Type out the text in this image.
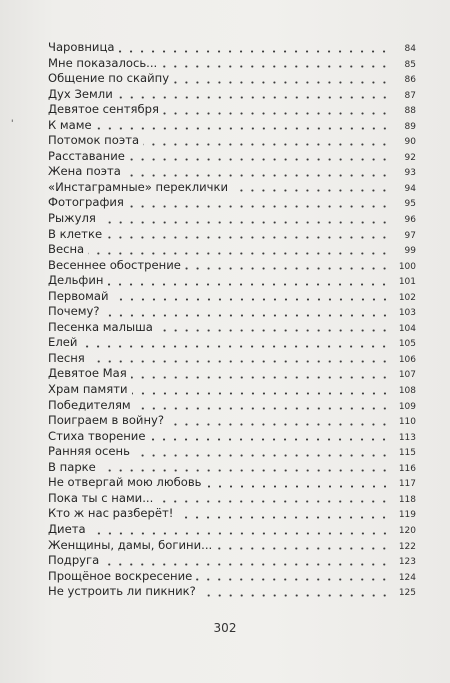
'
Чаровница	84
Мне показалось...	85
Общение по скайпу	86
Дух Земли	87
Девятое сентября	88
К маме	89
Потомок поэта	90
Расставание	92
Жена поэта	93
«Инстаграмные» переклички	94
Фотография	95
Рыжуля	96
В клетке	97
Весна	99
Весеннее обострение	100
Дельфин	101
Первомай	102
Почему?	103
Песенка малыша	104
Елей	105
Песня	106
Девятое Мая	107
Храм памяти	108
Победителям	109
Поиграем в войну?	110
Стиха творение	113
Ранняя осень	115
В парке	116
Не отвергай мою любовь	117
Пока ты с нами...	118
Кто ж нас разберёт!	119
Диета	120
Женщины, дамы, богини...	122
Подруга	123
Прощёное воскресение	124
Не устроить ли пикник?	125
302
